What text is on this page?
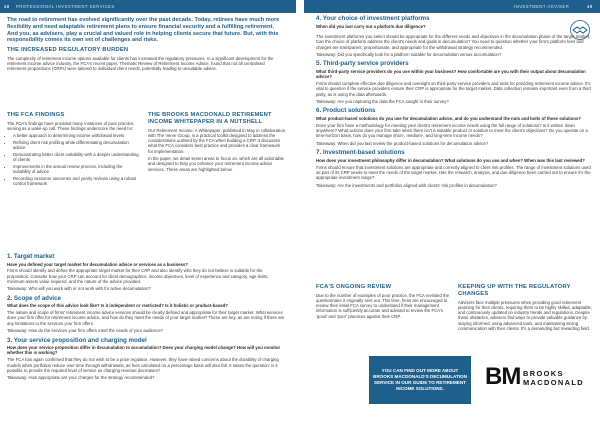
48 PROFESSIONAL INVESTMENT SERVICES	INVESTMENT ADVISER	49

The road to retirement has evolved significantly over the past decade. Today, retirees have much more flexibility and need adaptable retirement plans to ensure financial security and a fulfilling retirement. And you, as advisers, play a crucial and valued role in helping clients secure that future. But, with this responsibility comes its own set of challenges and risks.

THE INCREASED REGULATORY BURDEN

The complexity of retirement income options available for clients has increased the regulatory pressures. In a significant development for the retirement income advice industry, the FCA's recent paper, Thematic Review of Retirement Income Advice, found that not all centralised retirement propositions (CRPs) were tailored to individual client needs, potentially leading to unsuitable advice.

THE FCA FINDINGS

The FCA's findings have provided many instances of poor practice, serving as a wake-up call. These findings underscore the need for:

• A better approach to determining income withdrawal levels
• Refining client risk profiling while differentiating decumulation advice
• Demonstrating better client suitability with a deeper understanding of clients
• Improvements in the annual review process, including the suitability of advice
• Recording customer outcomes and yearly reviews using a robust control framework
THE BROOKS MACDONALD RETIREMENT INCOME WHITEPAPER IN A NUTSHELL

Our Retirement Income: A Whitepaper, published in May in collaboration with The Verve Group, is a practical toolkit designed to address the considerations outlined by the FCA when building a CRP. It discusses what the FCA considers best practice and provides a clear framework for implementation.

In the paper, we detail seven areas to focus on, which are all actionable and designed to help you enhance your retirement income advice services. These areas are highlighted below.

1. Target market

Have you defined your target market for decumulation advice or services as a business?

Firms should identify and define the appropriate target market for their CRP and also identify who they do not believe is suitable for the proposition. Consider how your CRP can account for client demographics, income objectives, level of experience and category, age limits, minimum assets value required, and the nature of the advice provided.

Takeaway: Who will you work with or not work with for active decumulation?

2. Scope of advice

What does the scope of this advice look like? Is it independent or restricted? Is it holistic or product-based?

The nature and scope of firms' retirement income advice services should be clearly defined and appropriate for their target market. What services does your firm offer for retirement income advice, and how do they meet the needs of your target market? These are key, as are noting if there are any limitations to the services your firm offers.

Takeaway: How do the services your firm offers meet the needs of your audience?

3. Your service proposition and charging model

How does your service proposition differ in decumulation to accumulation? Does your charging model change? How will you monitor whether this is working?

The FCA has again confirmed that they do not wish to be a price regulator. However, they have raised concerns about the durability of charging models when portfolios reduce over time through withdrawals, as fees calculated on a percentage basis will also fall. It raises the question: is it possible to provide the required level of service as charging revenue decreases?

Takeaway: How appropriate are your charges for the strategy recommended?

4. Your choice of investment platforms

When did you last carry out a platform due diligence?

The investment platforms you select should be appropriate for the different needs and objectives in the decumulation phase of the target market. Can the choice of platform address the client's needs and goals in decumulation? You need to question whether your firm's platform fees and charges are transparent, proportionate, and appropriate for the withdrawal strategy recommended.

Takeaway: Did you specifically look for a platform suitable for decumulation versus accumulation?

5. Third-party service providers

What third-party service providers do you use within your business? How comfortable are you with their output about decumulation advice?

Firms should complete effective due diligence and oversight on third-party service providers and tools for providing retirement income advice. It's vital to question if the service providers ensure their CRP is appropriate for the target market. Data collection remains important even from a third party, as is using the data afterwards.

Takeaway: Are you capturing the data the FCA sought in their survey?

6. Product solutions

What product-based solutions do you use for decumulation advice, and do you understand the nuts and bolts of these solutions?

Does your firm have a methodology for meeting your client's retirement income needs using the full range of solutions? Is it written down anywhere? What actions does your firm take when there isn't a suitable product or solution to meet the client's objectives? Do you operate on a time-horizon basis, how do you manage short-, medium-, and long-term income needs?

Takeaway: When did you last review the product-based solutions for decumulation advice?

7. Investment-based solutions

How does your investment philosophy differ in decumulation? What solutions do you use and when? When was this last reviewed?

Firms should ensure that investment solutions are appropriate and correctly aligned to client risk profiles. The range of investment solutions used as part of its CRP needs to meet the needs of the target market. Has the research, analysis, and due diligence been carried out to ensure it's the appropriate investment range?

Takeaway: Are the investments and portfolios aligned with clients' risk profiles in decumulation?

FCA'S ONGOING REVIEW

Due to the number of examples of poor practice, the FCA revisited the questionnaire it originally sent out. This time, firms are encouraged to review their initial FCA survey to understand if their management information is sufficiently accurate and advised to review the FCA's 'good' and 'poor' practices against their CRP.

KEEPING UP WITH THE REGULATORY CHANGES

Advisers face multiple pressures when providing good retirement planning for their clients, requiring them to be highly skilled, adaptable, and continuously updated on industry trends and regulations. Despite these obstacles, advisers find ways to provide valuable guidance by staying informed, using advanced tools, and maintaining strong communication with their clients. It's a demanding but rewarding field.

YOU CAN FIND OUT MORE ABOUT BROOKS MACDONALD'S DECUMULATION SERVICE IN OUR GUIDE TO RETIREMENT INCOME SOLUTIONS.	BM BROOKS
MACDONALD
